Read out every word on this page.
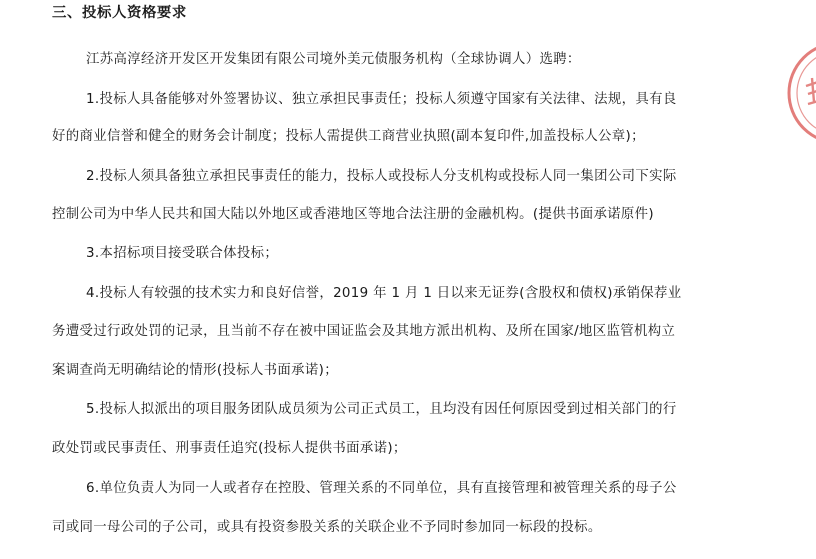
三、投标人资格要求
江苏高淳经济开发区开发集团有限公司境外美元债服务机构（全球协调人）选聘：
1.投标人具备能够对外签署协议、独立承担民事责任；投标人须遵守国家有关法律、法规，具有良
好的商业信誉和健全的财务会计制度；投标人需提供工商营业执照(副本复印件,加盖投标人公章)；
2.投标人须具备独立承担民事责任的能力，投标人或投标人分支机构或投标人同一集团公司下实际
控制公司为中华人民共和国大陆以外地区或香港地区等地合法注册的金融机构。(提供书面承诺原件)
3.本招标项目接受联合体投标；
4.投标人有较强的技术实力和良好信誉，2019 年 1 月 1 日以来无证券(含股权和债权)承销保荐业
务遭受过行政处罚的记录，且当前不存在被中国证监会及其地方派出机构、及所在国家/地区监管机构立
案调查尚无明确结论的情形(投标人书面承诺)；
5.投标人拟派出的项目服务团队成员须为公司正式员工，且均没有因任何原因受到过相关部门的行
政处罚或民事责任、刑事责任追究(投标人提供书面承诺)；
6.单位负责人为同一人或者存在控股、管理关系的不同单位，具有直接管理和被管理关系的母子公
司或同一母公司的子公司，或具有投资参股关系的关联企业不予同时参加同一标段的投标。
